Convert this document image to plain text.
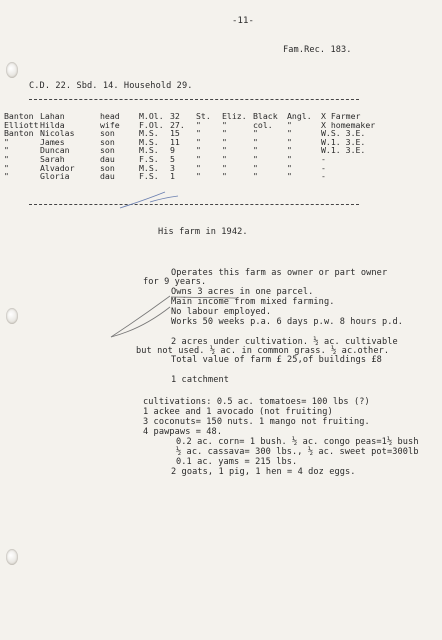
-11-
Fam.Rec. 183.
C.D. 22. Sbd. 14. Household 29.
Banton	Lahan	head	M.Ol.	32	St.	Eliz.	Black	Angl.	X Farmer
Elliott	Hilda	wife	F.Ol.	27.	"	"	col.	"	X homemaker
Banton	Nicolas	son	M.S.	15	"	"	"	"	W.S. 3.E.
"	James	son	M.S.	11	"	"	"	"	W.1. 3.E.
"	Duncan	son	M.S.	9	"	"	"	"	W.1. 3.E.
"	Sarah	dau	F.S.	5	"	"	"	"	-
"	Alvador	son	M.S.	3	"	"	"	"	-
"	Gloria	dau	F.S.	1	"	"	"	"	-
His farm in 1942.
Operates this farm as owner or part owner
for 9 years.
Owns 3 acres in one parcel.
Main income from mixed farming.
No labour employed.
Works 50 weeks p.a. 6 days p.w. 8 hours p.d.
2 acres under cultivation. ½ ac. cultivable
but not used. ½ ac. in common grass. ½ ac.other.
Total value of farm £ 25,of buildings £8
1 catchment
cultivations: 0.5 ac. tomatoes= 100 lbs (?)
1 ackee and 1 avocado (not fruiting)
3 coconuts= 150 nuts. 1 mango not fruiting.
4 pawpaws = 48.
0.2 ac. corn= 1 bush. ½ ac. congo peas=1½ bush
½ ac. cassava= 300 lbs., ½ ac. sweet pot=300lb
0.1 ac. yams = 215 lbs.
2 goats, 1 pig, 1 hen = 4 doz eggs.
